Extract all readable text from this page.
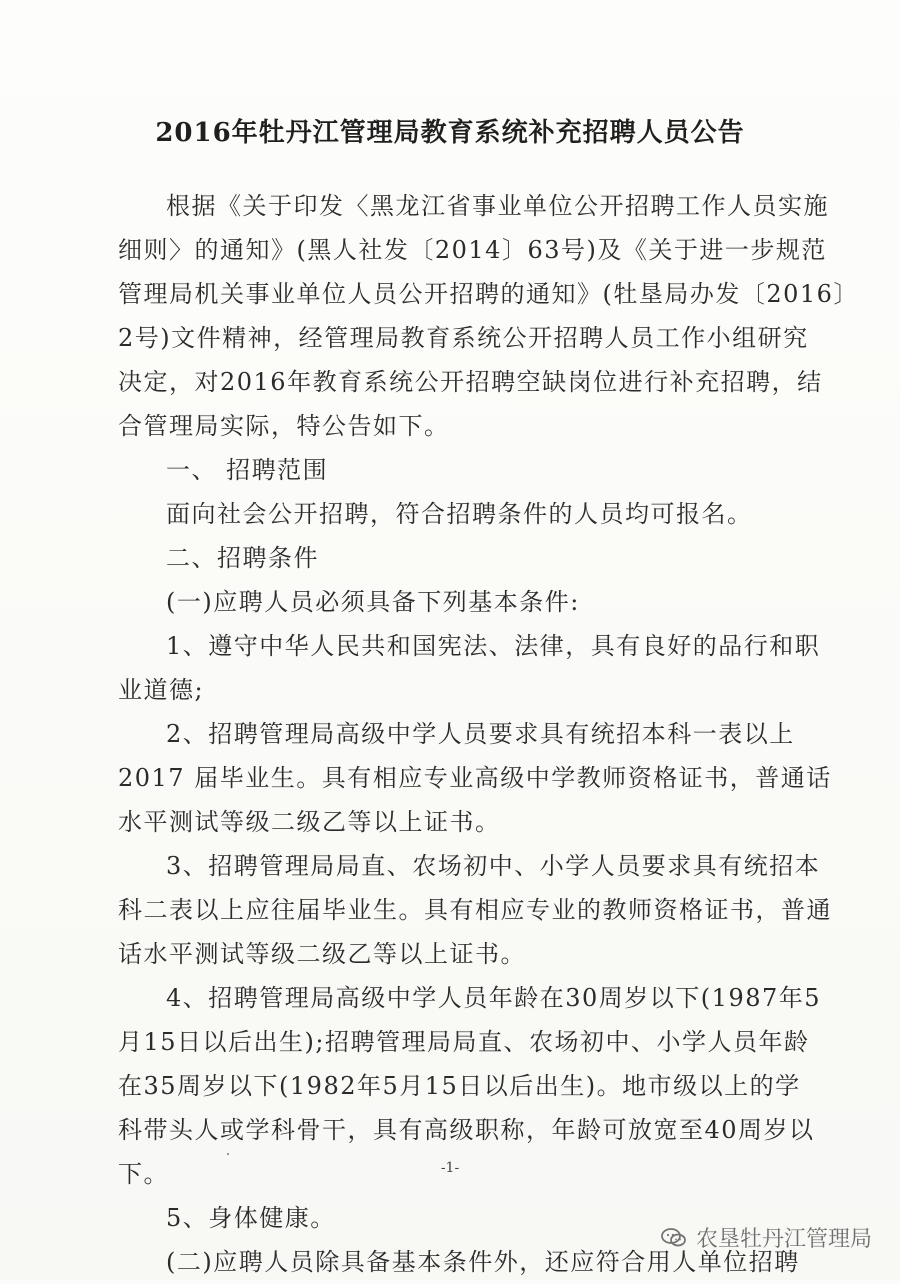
2016年牡丹江管理局教育系统补充招聘人员公告
根据《关于印发〈黑龙江省事业单位公开招聘工作人员实施
细则〉的通知》(黑人社发〔2014〕63号)及《关于进一步规范
管理局机关事业单位人员公开招聘的通知》(牡垦局办发〔2016〕
2号)文件精神，经管理局教育系统公开招聘人员工作小组研究
决定，对2016年教育系统公开招聘空缺岗位进行补充招聘，结
合管理局实际，特公告如下。
一、 招聘范围
面向社会公开招聘，符合招聘条件的人员均可报名。
二、招聘条件
(一)应聘人员必须具备下列基本条件:
1、遵守中华人民共和国宪法、法律，具有良好的品行和职
业道德;
2、招聘管理局高级中学人员要求具有统招本科一表以上
2017 届毕业生。具有相应专业高级中学教师资格证书，普通话
水平测试等级二级乙等以上证书。
3、招聘管理局局直、农场初中、小学人员要求具有统招本
科二表以上应往届毕业生。具有相应专业的教师资格证书，普通
话水平测试等级二级乙等以上证书。
4、招聘管理局高级中学人员年龄在30周岁以下(1987年5
月15日以后出生);招聘管理局局直、农场初中、小学人员年龄
在35周岁以下(1982年5月15日以后出生)。地市级以上的学
科带头人或学科骨干，具有高级职称，年龄可放宽至40周岁以
下。
5、身体健康。
(二)应聘人员除具备基本条件外，还应符合用人单位招聘
-1-
农垦牡丹江管理局
